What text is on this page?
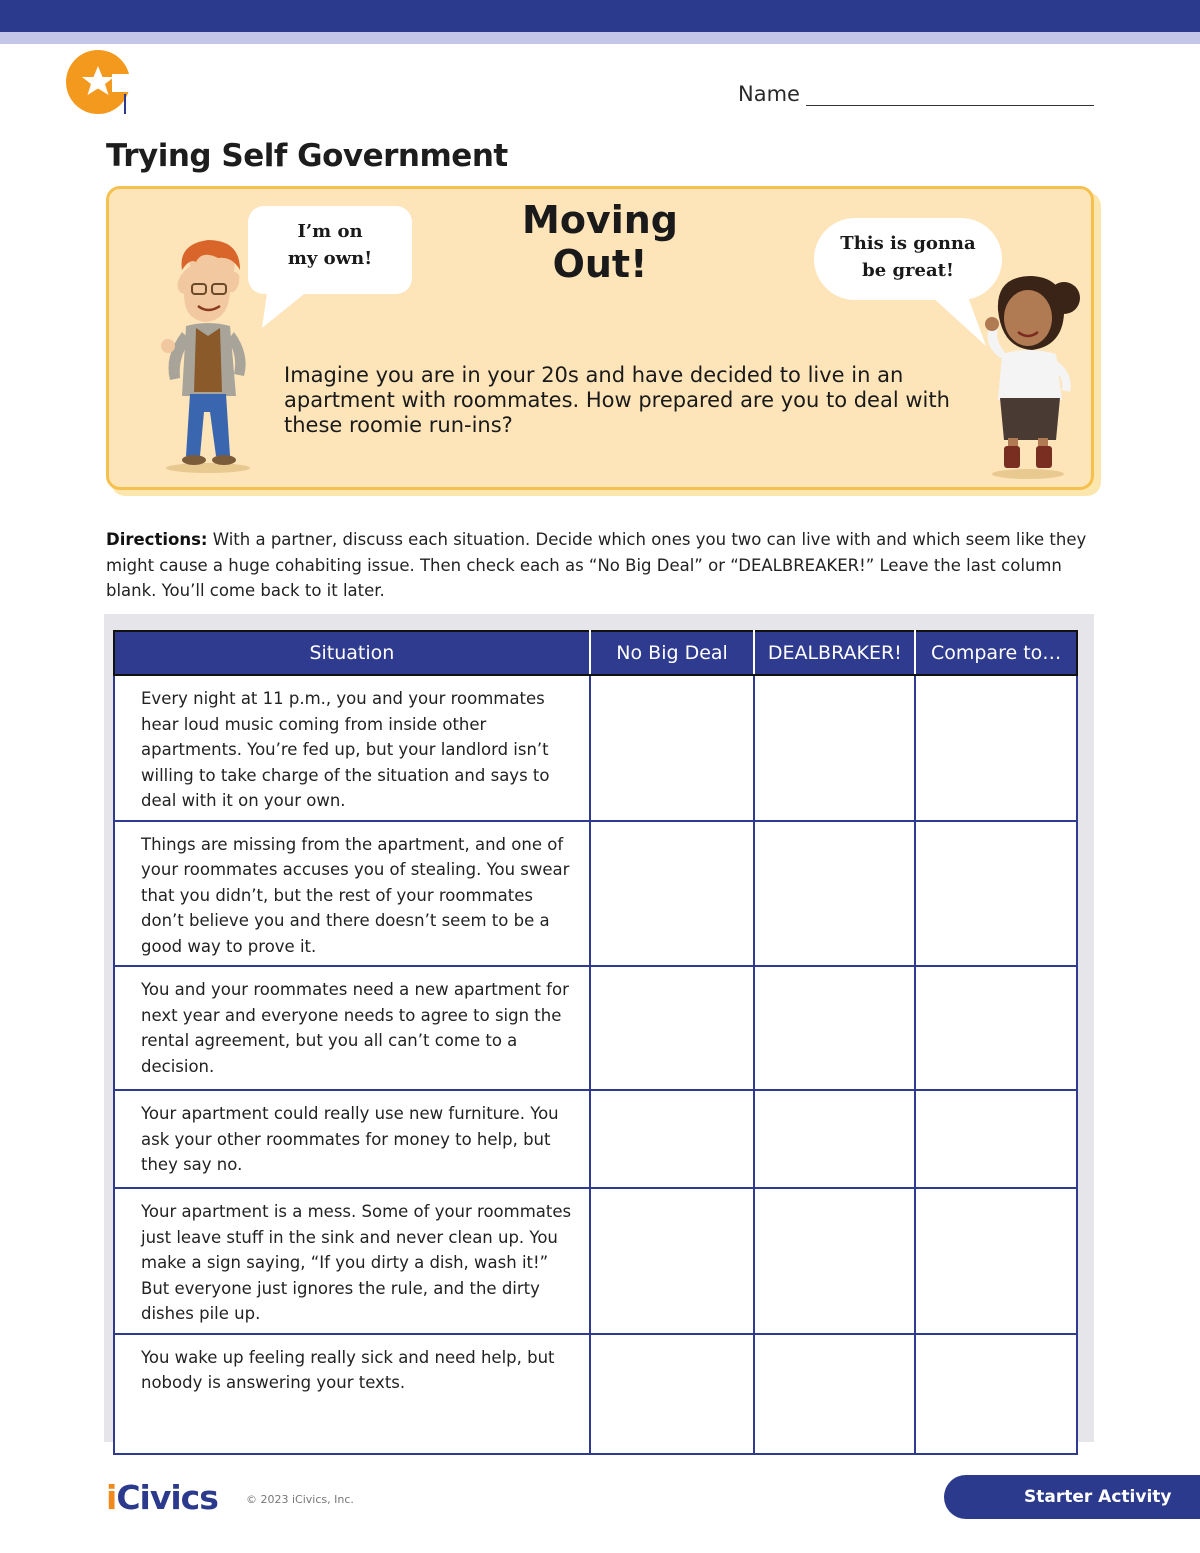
Name
Trying Self Government
Moving Out!
I’m on
my own!
This is gonna
be great!
Imagine you are in your 20s and have decided to live in an apartment with roommates. How prepared are you to deal with these roomie run-ins?
Directions: With a partner, discuss each situation. Decide which ones you two can live with and which seem like they might cause a huge cohabiting issue. Then check each as “No Big Deal” or “DEALBREAKER!” Leave the last column blank. You’ll come back to it later.
Situation	No Big Deal	DEALBRAKER!	Compare to…
Every night at 11 p.m., you and your roommates hear loud music coming from inside other apartments. You’re fed up, but your landlord isn’t willing to take charge of the situation and says to deal with it on your own.			
Things are missing from the apartment, and one of your roommates accuses you of stealing. You swear that you didn’t, but the rest of your roommates don’t believe you and there doesn’t seem to be a good way to prove it.			
You and your roommates need a new apartment for next year and everyone needs to agree to sign the rental agreement, but you all can’t come to a decision.			
Your apartment could really use new furniture. You ask your other roommates for money to help, but they say no.			
Your apartment is a mess. Some of your roommates just leave stuff in the sink and never clean up. You make a sign saying, “If you dirty a dish, wash it!” But everyone just ignores the rule, and the dirty dishes pile up.			
You wake up feeling really sick and need help, but nobody is answering your texts.			
iCivics	© 2023 iCivics, Inc.	Starter Activity
